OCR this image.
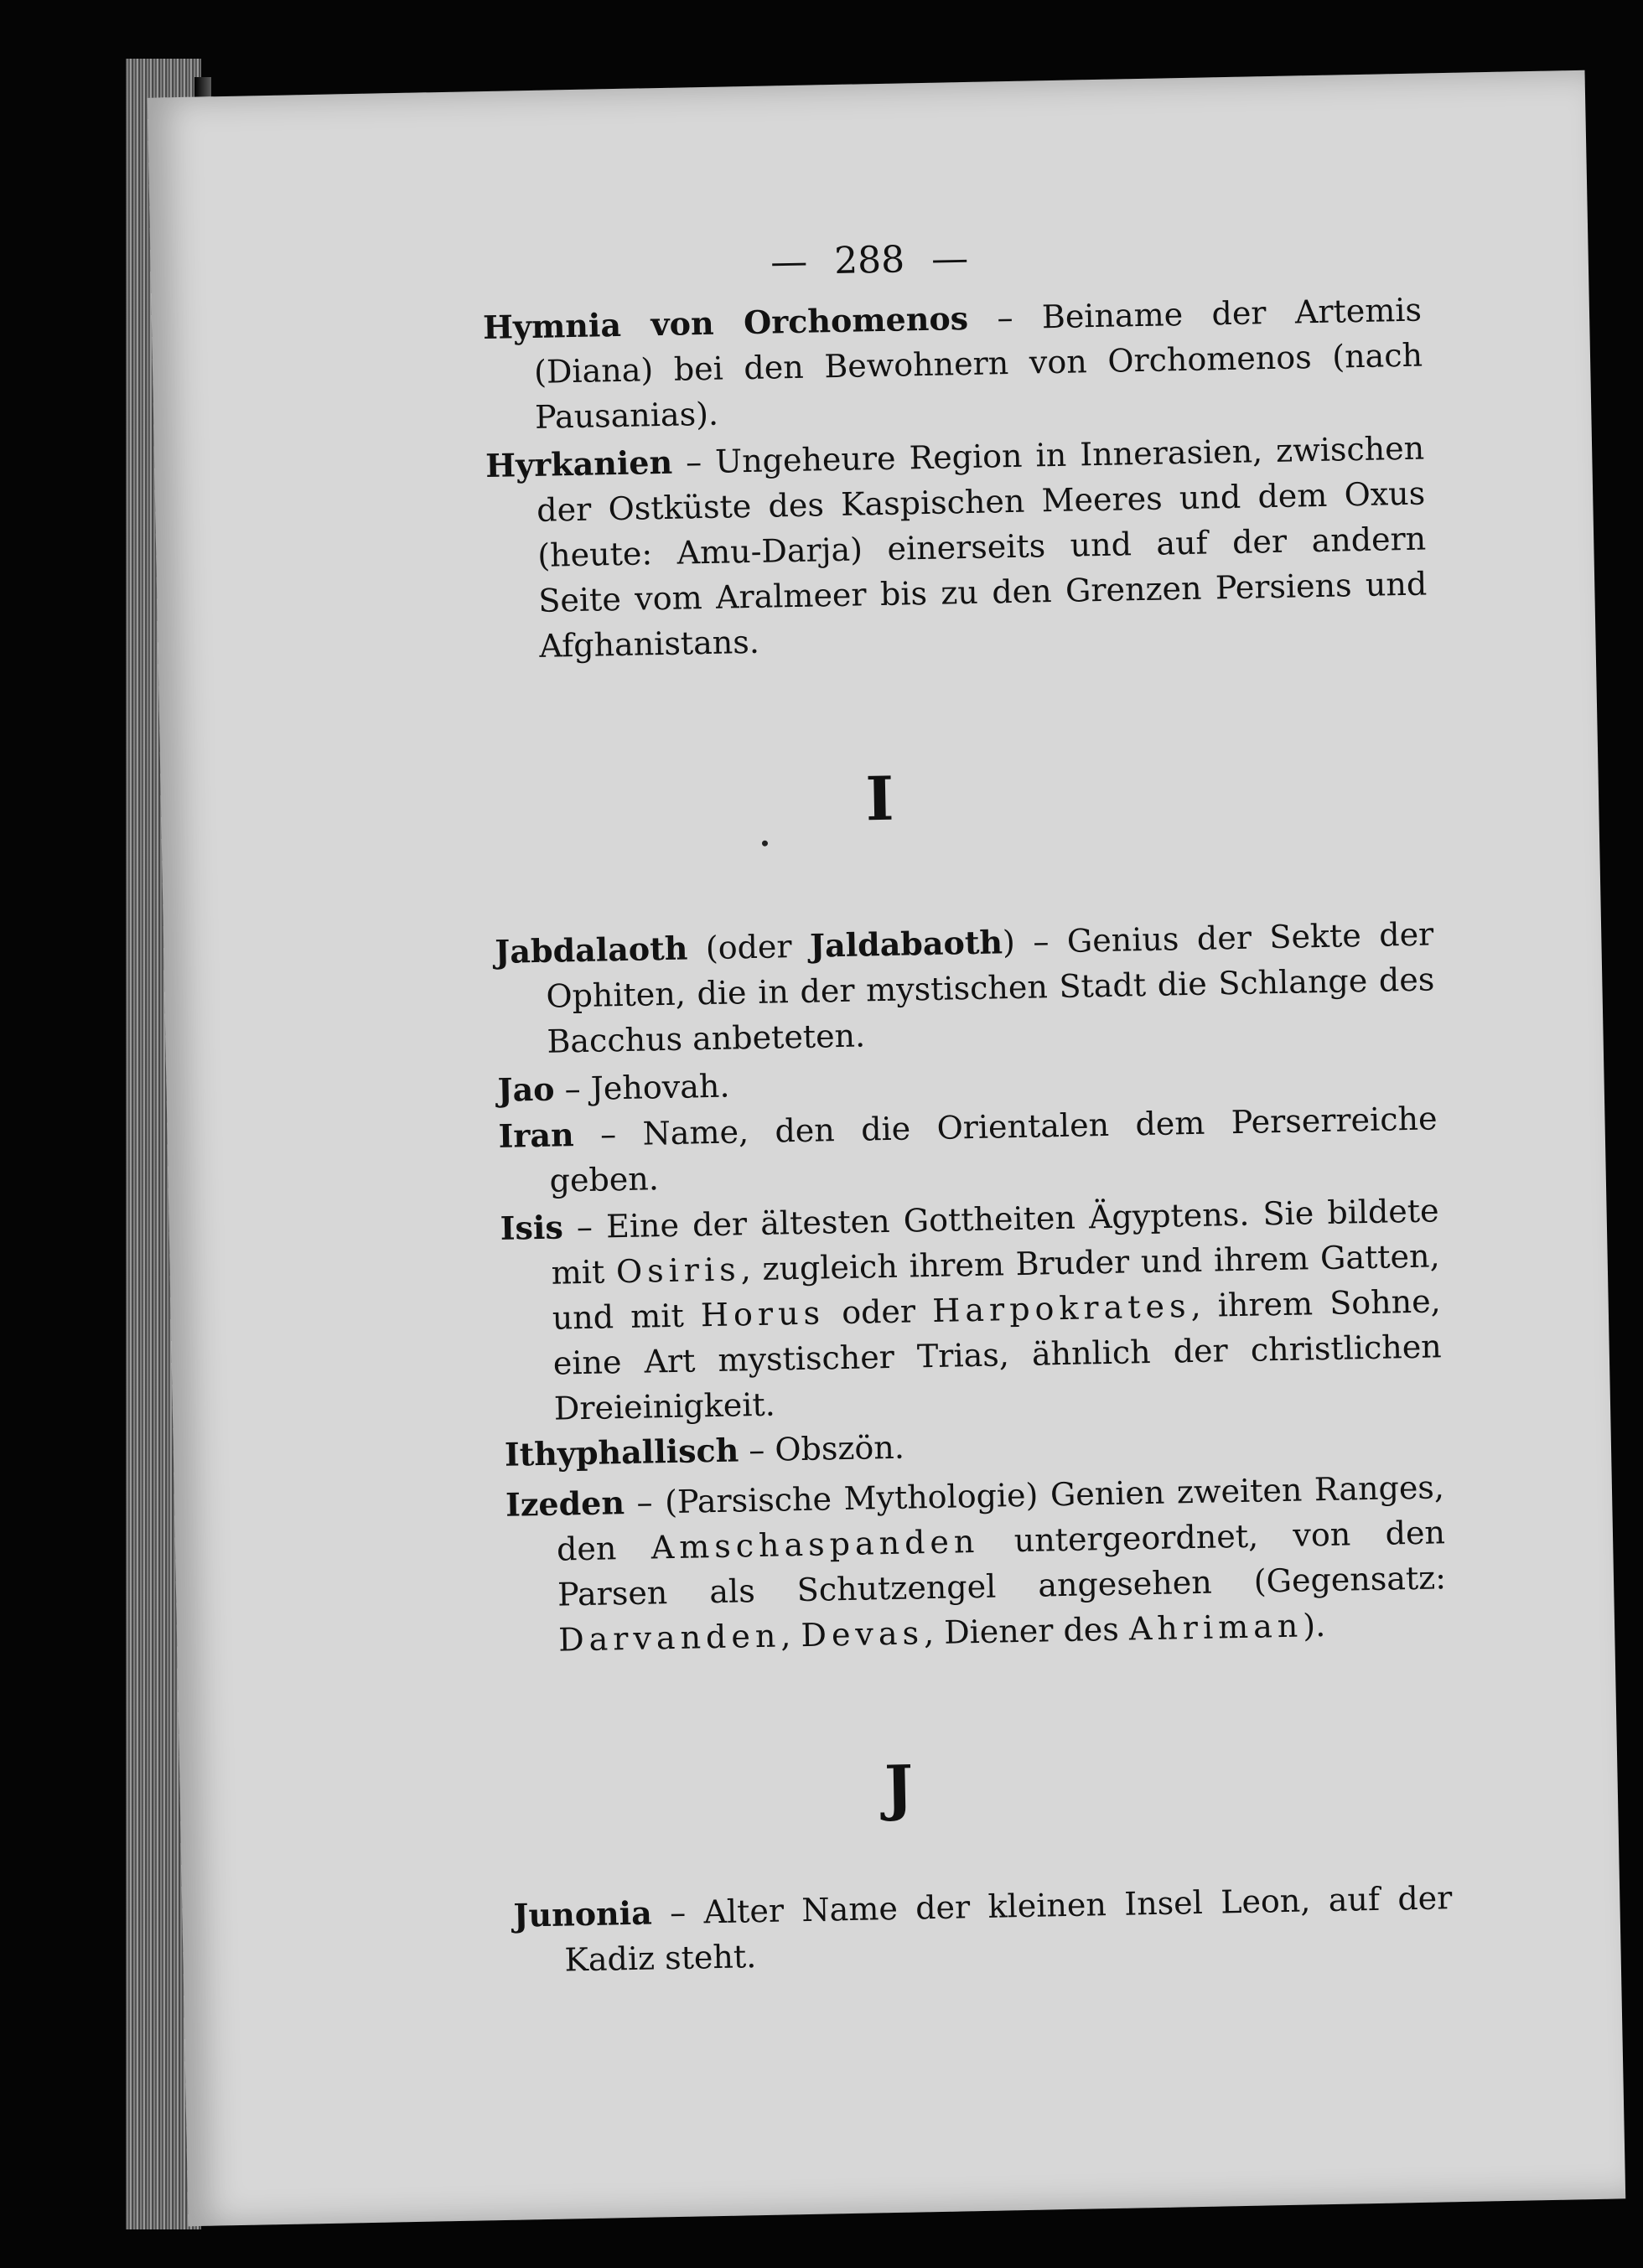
— 288 —

Hymnia von Orchomenos – Beiname der Artemis (Diana) bei den Bewohnern von Orchomenos (nach Pausanias).

Hyrkanien – Ungeheure Region in Innerasien, zwischen der Ostküste des Kaspischen Meeres und dem Oxus (heute: Amu-Darja) einerseits und auf der andern Seite vom Aralmeer bis zu den Grenzen Persiens und Afghanistans.

I

Jabdalaoth (oder Jaldabaoth) – Genius der Sekte der Ophiten, die in der mystischen Stadt die Schlange des Bacchus anbeteten.

Jao – Jehovah.

Iran – Name, den die Orientalen dem Perserreiche geben.

Isis – Eine der ältesten Gottheiten Ägyptens. Sie bildete mit Osiris, zugleich ihrem Bruder und ihrem Gatten, und mit Horus oder Harpokrates, ihrem Sohne, eine Art mystischer Trias, ähnlich der christlichen Dreieinigkeit.

Ithyphallisch – Obszön.

Izeden – (Parsische Mythologie) Genien zweiten Ranges, den Amschaspanden untergeordnet, von den Parsen als Schutzengel angesehen (Gegensatz: Darvanden, Devas, Diener des Ahriman).

J

Junonia – Alter Name der kleinen Insel Leon, auf der Kadiz steht.
